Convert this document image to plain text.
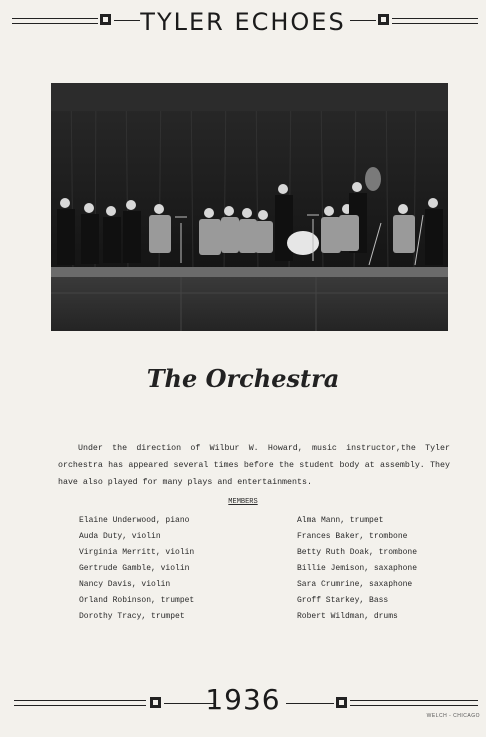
TYLER ECHOES
The Orchestra

Under the direction of Wilbur W. Howard, music instructor,the Tyler orchestra has appeared several times before the student body at assembly. They have also played for many plays and entertainments.

MEMBERS
Elaine Underwood, piano
Auda Duty, violin
Virginia Merritt, violin
Gertrude Gamble, violin
Nancy Davis, violin
Orland Robinson, trumpet
Dorothy Tracy, trumpet
Alma Mann, trumpet
Frances Baker, trombone
Betty Ruth Doak, trombone
Billie Jemison, saxaphone
Sara Crumrine, saxaphone
Groff Starkey, Bass
Robert Wildman, drums
1936	WELCH - CHICAGO
